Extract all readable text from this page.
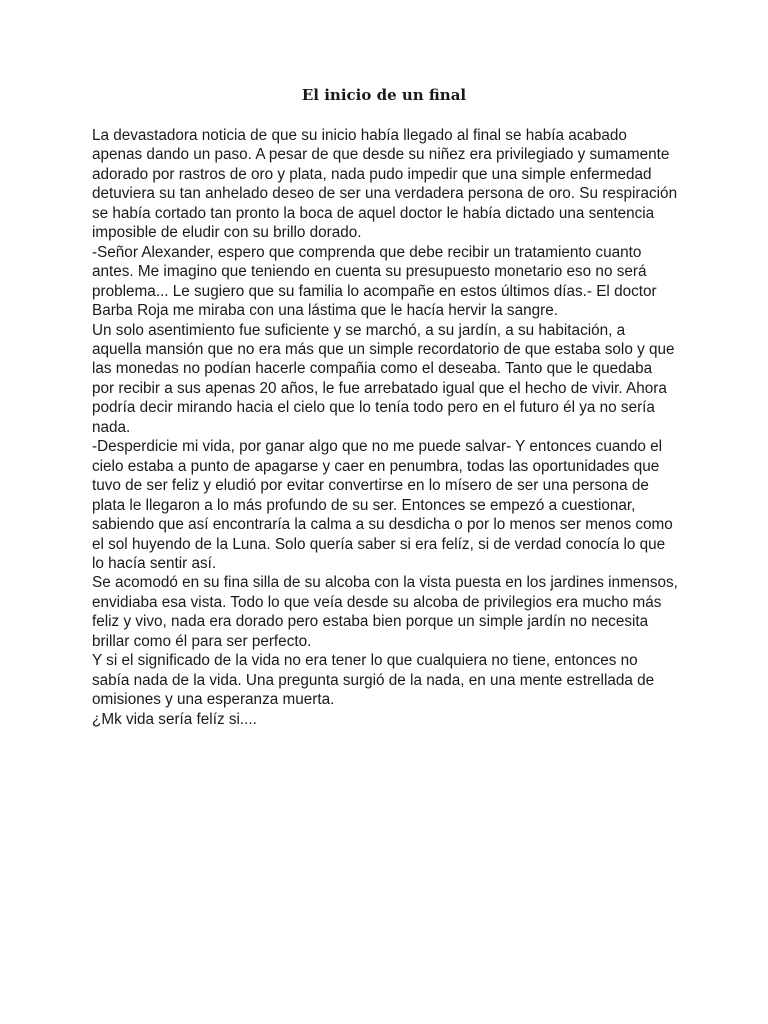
El inicio de un final

La devastadora noticia de que su inicio había llegado al final se había acabado apenas dando un paso. A pesar de que desde su niñez era privilegiado y sumamente adorado por rastros de oro y plata, nada pudo impedir que una simple enfermedad detuviera su tan anhelado deseo de ser una verdadera persona de oro. Su respiración se había cortado tan pronto la boca de aquel doctor le había dictado una sentencia imposible de eludir con su brillo dorado.

-Señor Alexander, espero que comprenda que debe recibir un tratamiento cuanto antes. Me imagino que teniendo en cuenta su presupuesto monetario eso no será problema... Le sugiero que su familia lo acompañe en estos últimos días.- El doctor Barba Roja me miraba con una lástima que le hacía hervir la sangre.

Un solo asentimiento fue suficiente y se marchó, a su jardín, a su habitación, a aquella mansión que no era más que un simple recordatorio de que estaba solo y que las monedas no podían hacerle compañia como el deseaba. Tanto que le quedaba por recibir a sus apenas 20 años, le fue arrebatado igual que el hecho de vivir. Ahora podría decir mirando hacia el cielo que lo tenía todo pero en el futuro él ya no sería nada.

-Desperdicie mi vida, por ganar algo que no me puede salvar- Y entonces cuando el cielo estaba a punto de apagarse y caer en penumbra, todas las oportunidades que tuvo de ser feliz y eludió por evitar convertirse en lo mísero de ser una persona de plata le llegaron a lo más profundo de su ser. Entonces se empezó a cuestionar, sabiendo que así encontraría la calma a su desdicha o por lo menos ser menos como el sol huyendo de la Luna. Solo quería saber si era felíz, si de verdad conocía lo que lo hacía sentir así.

Se acomodó en su fina silla de su alcoba con la vista puesta en los jardines inmensos, envidiaba esa vista. Todo lo que veía desde su alcoba de privilegios era mucho más feliz y vivo, nada era dorado pero estaba bien porque un simple jardín no necesita brillar como él para ser perfecto.

Y si el significado de la vida no era tener lo que cualquiera no tiene, entonces no sabía nada de la vida. Una pregunta surgió de la nada, en una mente estrellada de omisiones y una esperanza muerta.

¿Mk vida sería felíz si....
